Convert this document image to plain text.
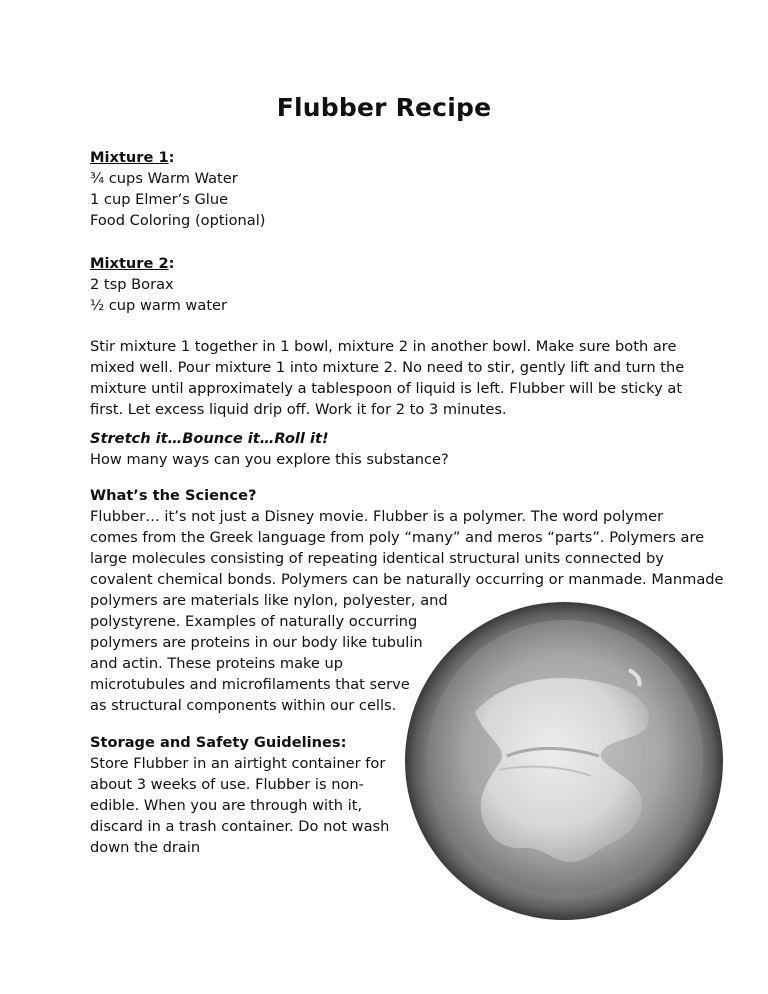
Flubber Recipe
Mixture 1:
¾ cups Warm Water
1 cup Elmer’s Glue
Food Coloring (optional)
Mixture 2:
2 tsp Borax
½ cup warm water
Stir mixture 1 together in 1 bowl, mixture 2 in another bowl. Make sure both are
mixed well. Pour mixture 1 into mixture 2. No need to stir, gently lift and turn the
mixture until approximately a tablespoon of liquid is left. Flubber will be sticky at
first. Let excess liquid drip off. Work it for 2 to 3 minutes.
Stretch it…Bounce it…Roll it!
How many ways can you explore this substance?
What’s the Science?
Flubber… it’s not just a Disney movie. Flubber is a polymer. The word polymer
comes from the Greek language from poly “many” and meros “parts”. Polymers are
large molecules consisting of repeating identical structural units connected by
covalent chemical bonds. Polymers can be naturally occurring or manmade. Manmade
polymers are materials like nylon, polyester, and
polystyrene. Examples of naturally occurring
polymers are proteins in our body like tubulin
and actin. These proteins make up
microtubules and microfilaments that serve
as structural components within our cells.
Storage and Safety Guidelines:
Store Flubber in an airtight container for
about 3 weeks of use. Flubber is non-
edible. When you are through with it,
discard in a trash container. Do not wash
down the drain
